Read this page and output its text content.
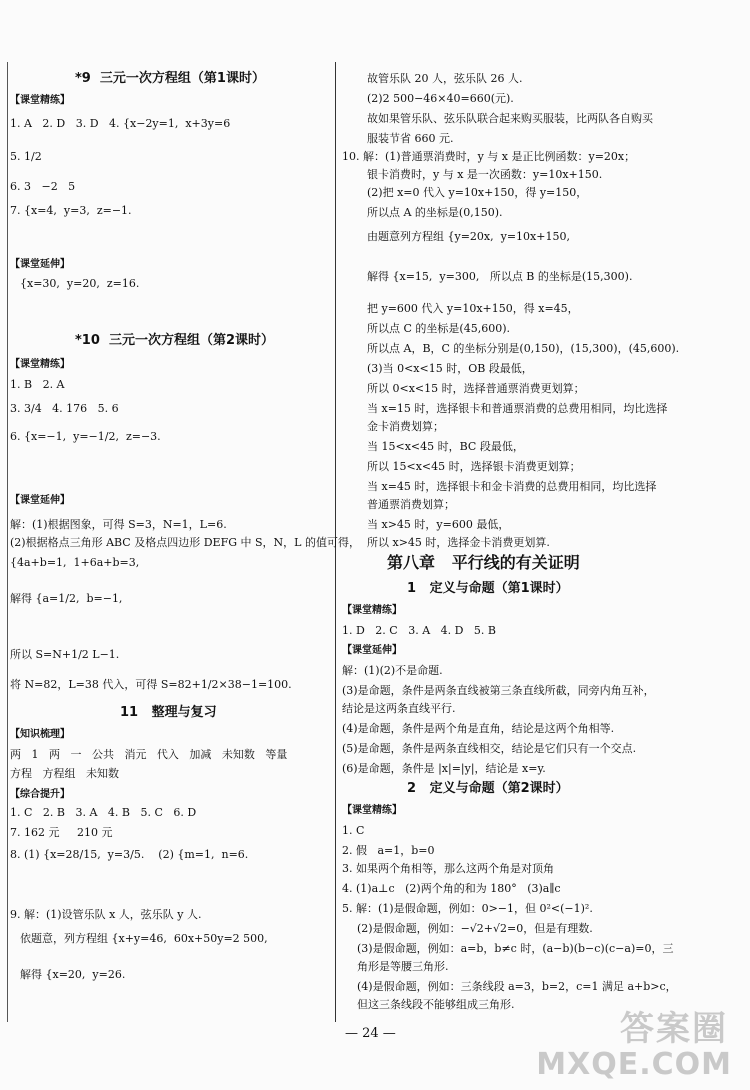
*9  三元一次方程组（第1课时）
【课堂精练】
1. A   2. D   3. D   4. {x−2y=1,  x+3y=6
5. 1/2
6. 3   −2   5
7. {x=4,  y=3,  z=−1.
【课堂延伸】
{x=30,  y=20,  z=16.
*10  三元一次方程组（第2课时）
【课堂精练】
1. B   2. A
3. 3/4   4. 176   5. 6
6. {x=−1,  y=−1/2,  z=−3.
【课堂延伸】
解：(1)根据图象，可得 S=3，N=1，L=6.
(2)根据格点三角形 ABC 及格点四边形 DEFG 中 S，N，L 的值可得，
{4a+b=1,  1+6a+b=3,
解得 {a=1/2,  b=−1,
所以 S=N+1/2 L−1.
将 N=82，L=38 代入，可得 S=82+1/2×38−1=100.
11   整理与复习
【知识梳理】
两   1   两   一   公共   消元   代入   加减   未知数   等量
方程   方程组   未知数
【综合提升】
1. C   2. B   3. A   4. B   5. C   6. D
7. 162 元     210 元
8. (1) {x=28/15,  y=3/5.    (2) {m=1,  n=6.
9. 解：(1)设管乐队 x 人，弦乐队 y 人.
依题意，列方程组 {x+y=46,  60x+50y=2 500,
解得 {x=20,  y=26.
故管乐队 20 人，弦乐队 26 人.
(2)2 500−46×40=660(元).
故如果管乐队、弦乐队联合起来购买服装，比两队各自购买
服装节省 660 元.
10. 解：(1)普通票消费时，y 与 x 是正比例函数：y=20x；
银卡消费时，y 与 x 是一次函数：y=10x+150.
(2)把 x=0 代入 y=10x+150，得 y=150，
所以点 A 的坐标是(0,150).
由题意列方程组 {y=20x,  y=10x+150,
解得 {x=15,  y=300,   所以点 B 的坐标是(15,300).
把 y=600 代入 y=10x+150，得 x=45，
所以点 C 的坐标是(45,600).
所以点 A，B，C 的坐标分别是(0,150)，(15,300)，(45,600).
(3)当 0<x<15 时，OB 段最低，
所以 0<x<15 时，选择普通票消费更划算；
当 x=15 时，选择银卡和普通票消费的总费用相同，均比选择
金卡消费划算；
当 15<x<45 时，BC 段最低，
所以 15<x<45 时，选择银卡消费更划算；
当 x=45 时，选择银卡和金卡消费的总费用相同，均比选择
普通票消费划算；
当 x>45 时，y=600 最低，
所以 x>45 时，选择金卡消费更划算.
第八章   平行线的有关证明
1   定义与命题（第1课时）
【课堂精练】
1. D   2. C   3. A   4. D   5. B
【课堂延伸】
解：(1)(2)不是命题.
(3)是命题，条件是两条直线被第三条直线所截，同旁内角互补，
结论是这两条直线平行.
(4)是命题，条件是两个角是直角，结论是这两个角相等.
(5)是命题，条件是两条直线相交，结论是它们只有一个交点.
(6)是命题，条件是 |x|=|y|，结论是 x=y.
2   定义与命题（第2课时）
【课堂精练】
1. C
2. 假   a=1，b=0
3. 如果两个角相等，那么这两个角是对顶角
4. (1)a⊥c   (2)两个角的和为 180°   (3)a∥c
5. 解：(1)是假命题，例如：0>−1，但 0²<(−1)².
(2)是假命题，例如：−√2+√2=0，但是有理数.
(3)是假命题，例如：a=b，b≠c 时，(a−b)(b−c)(c−a)=0，三
角形是等腰三角形.
(4)是假命题，例如：三条线段 a=3，b=2，c=1 满足 a+b>c，
但这三条线段不能够组成三角形.
— 24 —	答案圈
MXQE.COM
